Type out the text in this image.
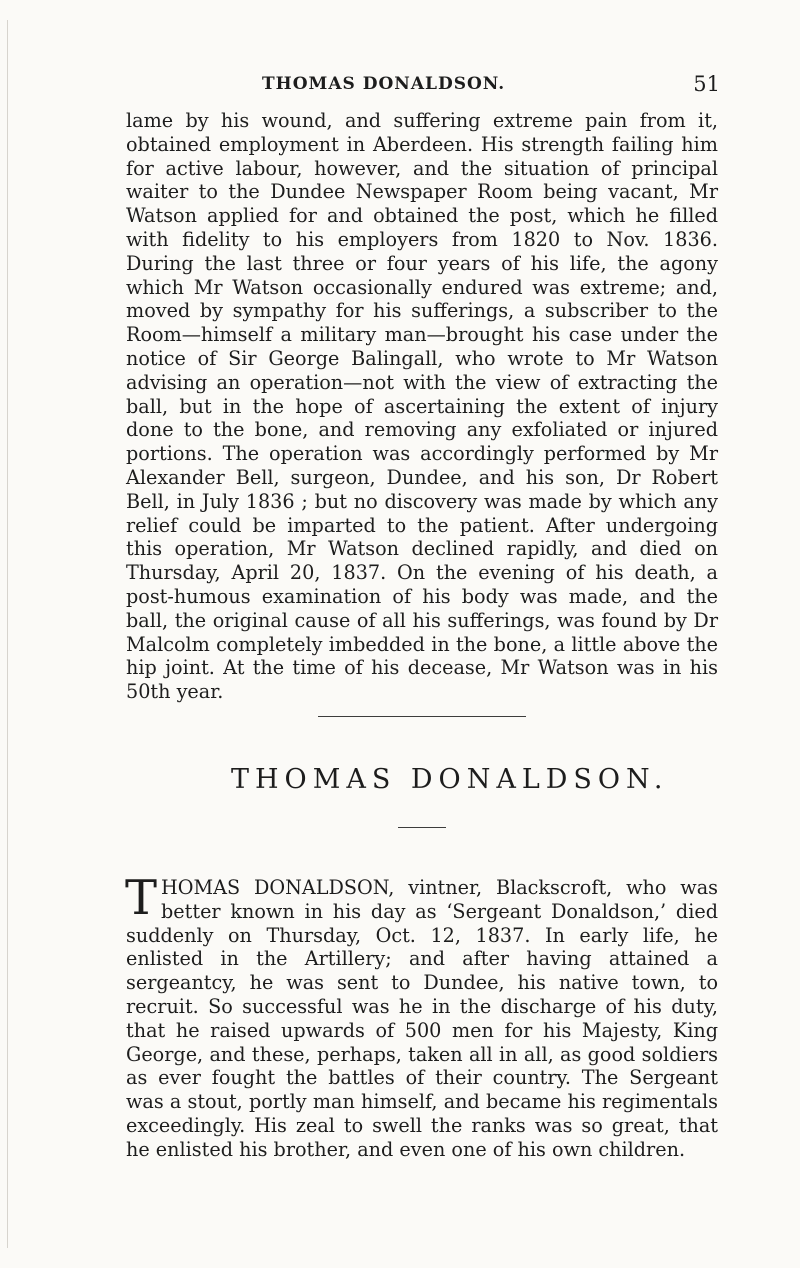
THOMAS DONALDSON.	51

lame by his wound, and suffering extreme pain from it, obtained employment in Aberdeen. His strength failing him for active labour, however, and the situation of principal waiter to the Dundee Newspaper Room being vacant, Mr Watson applied for and obtained the post, which he filled with fidelity to his employers from 1820 to Nov. 1836. During the last three or four years of his life, the agony which Mr Watson occasionally endured was extreme; and, moved by sympathy for his sufferings, a subscriber to the Room—himself a military man—brought his case under the notice of Sir George Balingall, who wrote to Mr Watson advising an operation—not with the view of extracting the ball, but in the hope of ascertaining the extent of injury done to the bone, and removing any exfoliated or injured portions. The operation was accordingly performed by Mr Alexander Bell, surgeon, Dundee, and his son, Dr Robert Bell, in July 1836 ; but no discovery was made by which any relief could be imparted to the patient. After undergoing this operation, Mr Watson declined rapidly, and died on Thursday, April 20, 1837. On the evening of his death, a post-humous examination of his body was made, and the ball, the original cause of all his sufferings, was found by Dr Malcolm completely imbedded in the bone, a little above the hip joint. At the time of his decease, Mr Watson was in his 50th year.

THOMAS DONALDSON.

THOMAS DONALDSON, vintner, Blackscroft, who was better known in his day as ‘Sergeant Donaldson,’ died suddenly on Thursday, Oct. 12, 1837. In early life, he enlisted in the Artillery; and after having attained a sergeantcy, he was sent to Dundee, his native town, to recruit. So successful was he in the discharge of his duty, that he raised upwards of 500 men for his Majesty, King George, and these, perhaps, taken all in all, as good soldiers as ever fought the battles of their country. The Sergeant was a stout, portly man himself, and became his regimentals exceedingly. His zeal to swell the ranks was so great, that he enlisted his brother, and even one of his own children.
